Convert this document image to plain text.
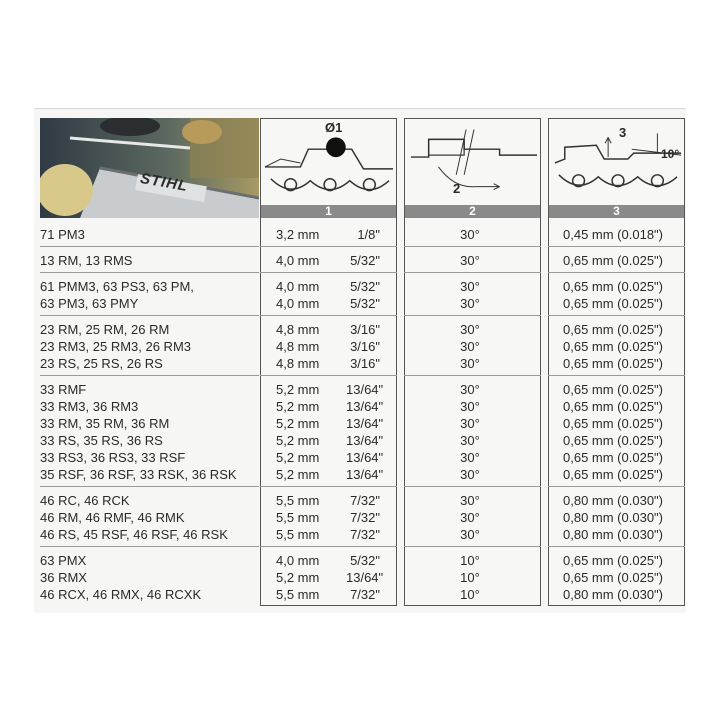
STIHL
Ø1
1
2
2
3
10°
3
71 PM3	3,2 mm	1/8"	30°	0,45 mm (0.018")
13 RM, 13 RMS	4,0 mm	5/32"	30°	0,65 mm (0.025")
61 PMM3, 63 PS3, 63 PM,	4,0 mm	5/32"	30°	0,65 mm (0.025")
63 PM3, 63 PMY	4,0 mm	5/32"	30°	0,65 mm (0.025")
23 RM, 25 RM, 26 RM	4,8 mm	3/16"	30°	0,65 mm (0.025")
23 RM3, 25 RM3, 26 RM3	4,8 mm	3/16"	30°	0,65 mm (0.025")
23 RS, 25 RS, 26 RS	4,8 mm	3/16"	30°	0,65 mm (0.025")
33 RMF	5,2 mm 13/64"	30°	0,65 mm (0.025")
33 RM3, 36 RM3	5,2 mm 13/64"	30°	0,65 mm (0.025")
33 RM, 35 RM, 36 RM	5,2 mm 13/64"	30°	0,65 mm (0.025")
33 RS, 35 RS, 36 RS	5,2 mm 13/64"	30°	0,65 mm (0.025")
33 RS3, 36 RS3, 33 RSF	5,2 mm 13/64"	30°	0,65 mm (0.025")
35 RSF, 36 RSF, 33 RSK, 36 RSK	5,2 mm 13/64"	30°	0,65 mm (0.025")
46 RC, 46 RCK	5,5 mm	7/32"	30°	0,80 mm (0.030")
46 RM, 46 RMF, 46 RMK	5,5 mm	7/32"	30°	0,80 mm (0.030")
46 RS, 45 RSF, 46 RSF, 46 RSK	5,5 mm	7/32"	30°	0,80 mm (0.030")
63 PMX	4,0 mm	5/32"	10°	0,65 mm (0.025")
36 RMX	5,2 mm 13/64"	10°	0,65 mm (0.025")
46 RCX, 46 RMX, 46 RCXK	5,5 mm	7/32"	10°	0,80 mm (0.030")
